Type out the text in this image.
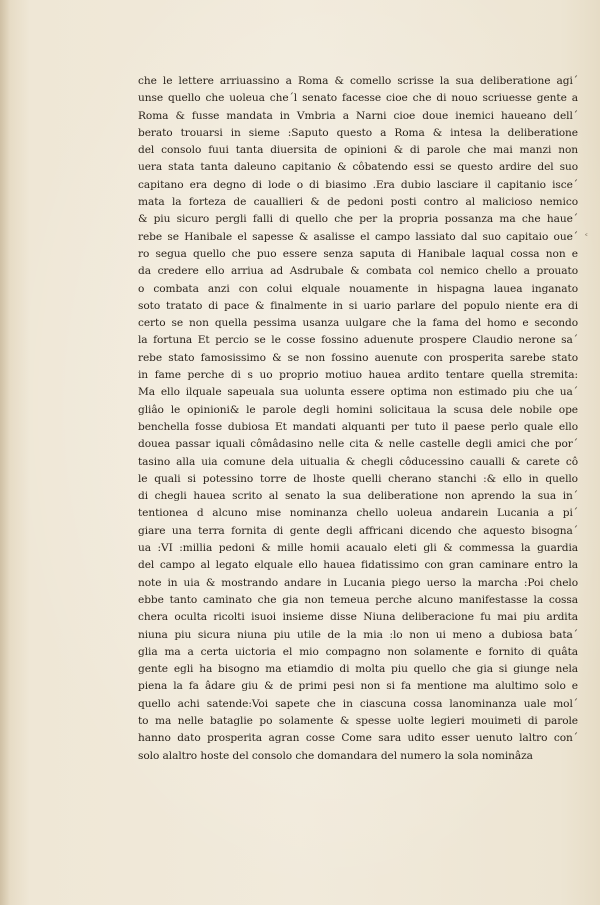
che le lettere arriuassino a Roma & comello scrisse la sua deliberatione agi´
unse quello che uoleua che´l senato facesse cioe che di nouo scriuesse gente a
Roma & fusse mandata in Vmbria a Narni cioe doue inemici haueano dell´
berato trouarsi in sieme :Saputo questo a Roma & intesa la deliberatione
del consolo fuui tanta diuersita de opinioni & di parole che mai manzi non
uera stata tanta daleuno capitanio & côbatendo essi se questo ardire del suo
capitano era degno di lode o di biasimo .Era dubio lasciare il capitanio isce´
mata la forteza de cauallieri & de pedoni posti contro al malicioso nemico
& piu sicuro pergli falli di quello che per la propria possanza ma che haue´
rebe se Hanibale el sapesse & asalisse el campo lassiato dal suo capitaio oue´
ro segua quello che puo essere senza saputa di Hanibale laqual cossa non e
da credere ello arriua ad Asdrubale & combata col nemico chello a prouato
o combata anzi con colui elquale nouamente in hispagna lauea inganato
soto tratato di pace & finalmente in si uario parlare del populo niente era di
certo se non quella pessima usanza uulgare che la fama del homo e secondo
la fortuna Et percio se le cosse fossino aduenute prospere Claudio nerone sa´
rebe stato famosissimo & se non fossino auenute con prosperita sarebe stato
in fame perche di s uo proprio motiuo hauea ardito tentare quella stremita:
Ma ello ilquale sapeuala sua uolunta essere optima non estimado piu che ua´
gliâo le opinioni& le parole degli homini solicitaua la scusa dele nobile ope
benchella fosse dubiosa Et mandati alquanti per tuto il paese perlo quale ello
douea passar iquali cômâdasino nelle cita & nelle castelle degli amici che por´
tasino alla uia comune dela uitualia & chegli côducessino caualli & carete cô
le quali si potessino torre de lhoste quelli cherano stanchi :& ello in quello
di chegli hauea scrito al senato la sua deliberatione non aprendo la sua in´
tentionea d alcuno mise nominanza chello uoleua andarein Lucania a pi´
giare una terra fornita di gente degli affricani dicendo che aquesto bisogna´
ua :VI :millia pedoni & mille homii acaualo eleti gli & commessa la guardia
del campo al legato elquale ello hauea fidatissimo con gran caminare entro la
note in uia & mostrando andare in Lucania piego uerso la marcha :Poi chelo
ebbe tanto caminato che gia non temeua perche alcuno manifestasse la cossa
chera oculta ricolti isuoi insieme disse Niuna deliberacione fu mai piu ardita
niuna piu sicura niuna piu utile de la mia :lo non ui meno a dubiosa bata´
glia ma a certa uictoria el mio compagno non solamente e fornito di quâta
gente egli ha bisogno ma etiamdio di molta piu quello che gia si giunge nela
piena la fa âdare giu & de primi pesi non si fa mentione ma alultimo solo e
quello achi satende:Voi sapete che in ciascuna cossa lanominanza uale mol´
to ma nelle bataglie po solamente & spesse uolte legieri mouimeti di parole
hanno dato prosperita agran cosse Come sara udito esser uenuto laltro con´
solo alaltro hoste del consolo che domandara del numero la sola nominâza
˂
